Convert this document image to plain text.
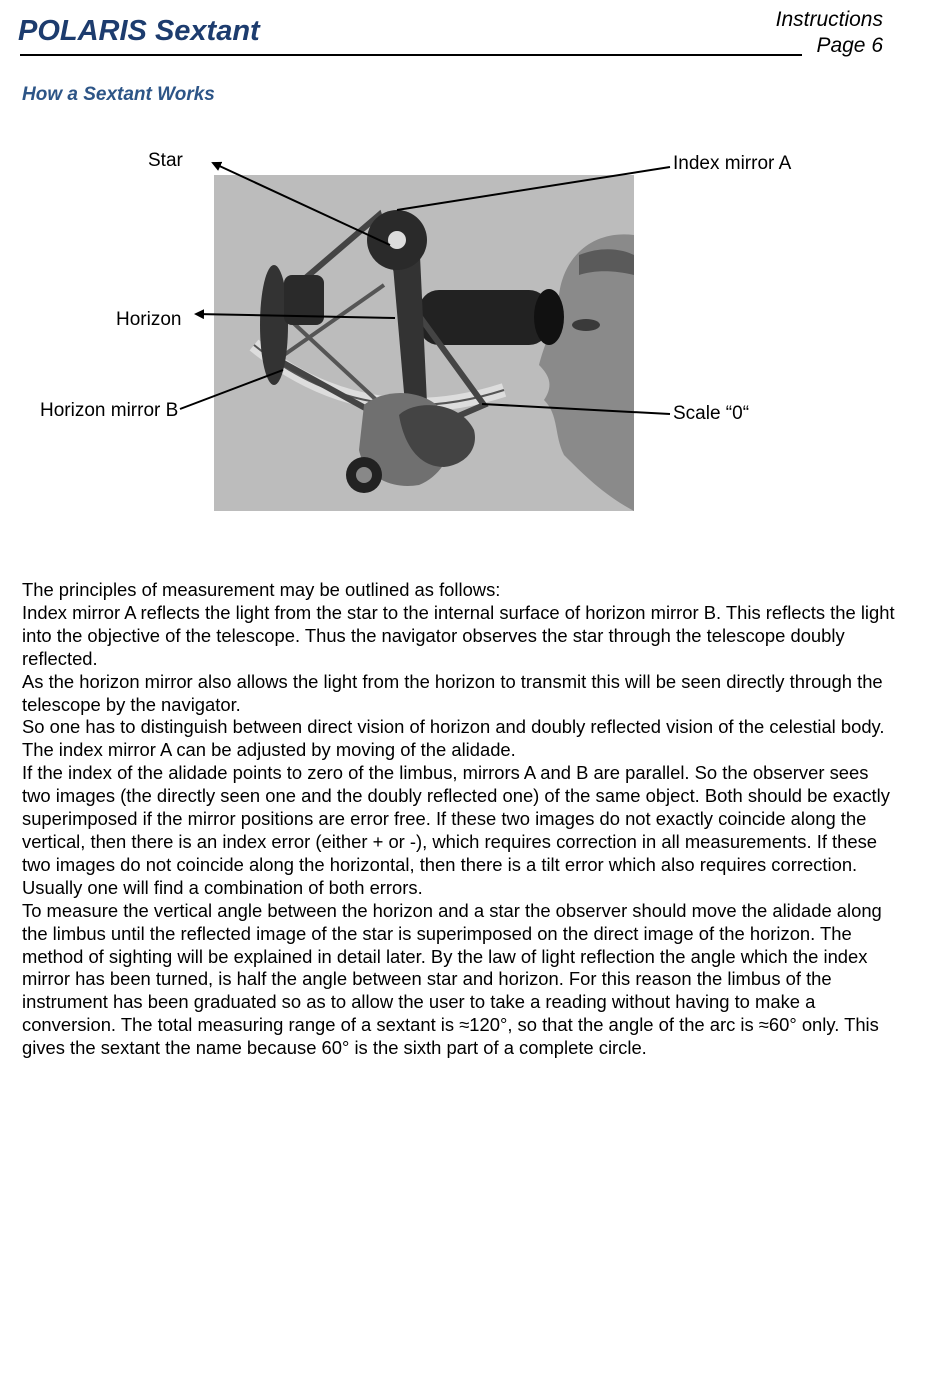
POLARIS Sextant	Instructions
Page 6
How a Sextant Works
Star	Index mirror A
Horizon
Horizon mirror B	Scale “0“

The principles of measurement may be outlined as follows:

Index mirror A reflects the light from the star to the internal surface of horizon mirror B. This reflects the light into the objective of the telescope. Thus the navigator observes the star through the telescope doubly reflected.

As the horizon mirror also allows the light from the horizon to transmit this will be seen directly through the telescope by the navigator.

So one has to distinguish between direct vision of horizon and doubly reflected vision of the celestial body.

The index mirror A can be adjusted by moving of the alidade.

If the index of the alidade points to zero of the limbus, mirrors A and B are parallel. So the observer sees two images (the directly seen one and the doubly reflected one) of the same object. Both should be exactly superimposed if the mirror positions are error free. If these two images do not exactly coincide along the vertical, then there is an index error (either + or -), which requires correction in all measurements. If these two images do not coincide along the horizontal, then there is a tilt error which also requires correction. Usually one will find a combination of both errors.

To measure the vertical angle between the horizon and a star the observer should move the alidade along the limbus until the reflected image of the star is superimposed on the direct image of the horizon. The method of sighting will be explained in detail later. By the law of light reflection the angle which the index mirror has been turned, is half the angle between star and horizon. For this reason the limbus of the instrument has been graduated so as to allow the user to take a reading without having to make a conversion. The total measuring range of a sextant is ≈120°, so that the angle of the arc is ≈60° only. This gives the sextant the name because 60° is the sixth part of a complete circle.
